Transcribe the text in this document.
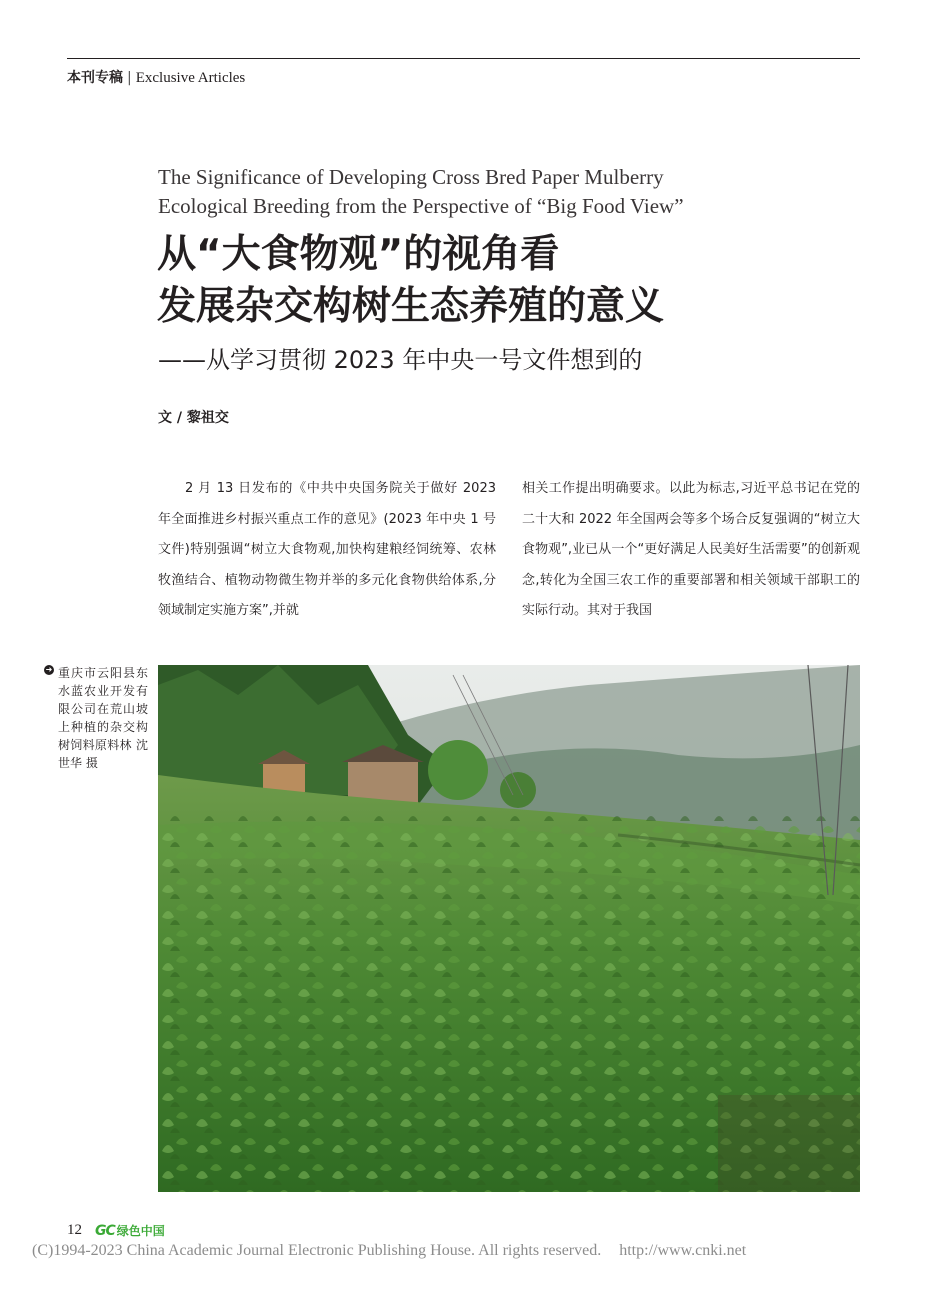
本刊专稿 | Exclusive Articles
The Significance of Developing Cross Bred Paper Mulberry
Ecological Breeding from the Perspective of “Big Food View”
从“大食物观”的视角看
发展杂交构树生态养殖的意义
——从学习贯彻 2023 年中央一号文件想到的
文 / 黎祖交

2 月 13 日发布的《中共中央国务院关于做好 2023 年全面推进乡村振兴重点工作的意见》(2023 年中央 1 号文件)特别强调“树立大食物观,加快构建粮经饲统筹、农林牧渔结合、植物动物微生物并举的多元化食物供给体系,分领域制定实施方案”,并就

相关工作提出明确要求。以此为标志,习近平总书记在党的二十大和 2022 年全国两会等多个场合反复强调的“树立大食物观”,业已从一个“更好满足人民美好生活需要”的创新观念,转化为全国三农工作的重要部署和相关领域干部职工的实际行动。其对于我国

➜ 重庆市云阳县东水蓝农业开发有限公司在荒山坡上种植的杂交构树饲料原料林 沈世华 摄
12 GC 绿色中国
(C)1994-2023 China Academic Journal Electronic Publishing House. All rights reserved. http://www.cnki.net
